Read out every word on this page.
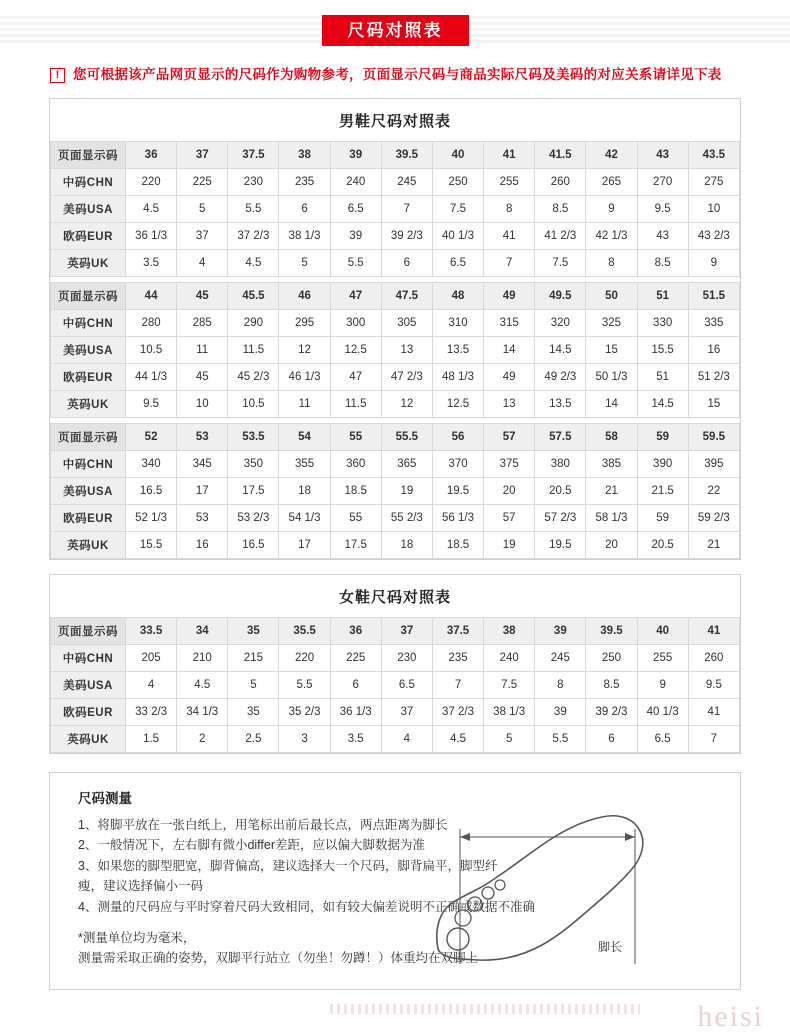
尺码对照表
!	您可根据该产品网页显示的尺码作为购物参考，页面显示尺码与商品实际尺码及美码的对应关系请详见下表
男鞋尺码对照表
页面显示码	36	37	37.5	38	39	39.5	40	41	41.5	42	43	43.5
中码CHN	220	225	230	235	240	245	250	255	260	265	270	275
美码USA	4.5	5	5.5	6	6.5	7	7.5	8	8.5	9	9.5	10
欧码EUR	36 1/3	37	37 2/3	38 1/3	39	39 2/3	40 1/3	41	41 2/3	42 1/3	43	43 2/3
英码UK	3.5	4	4.5	5	5.5	6	6.5	7	7.5	8	8.5	9

页面显示码	44	45	45.5	46	47	47.5	48	49	49.5	50	51	51.5
中码CHN	280	285	290	295	300	305	310	315	320	325	330	335
美码USA	10.5	11	11.5	12	12.5	13	13.5	14	14.5	15	15.5	16
欧码EUR	44 1/3	45	45 2/3	46 1/3	47	47 2/3	48 1/3	49	49 2/3	50 1/3	51	51 2/3
英码UK	9.5	10	10.5	11	11.5	12	12.5	13	13.5	14	14.5	15

页面显示码	52	53	53.5	54	55	55.5	56	57	57.5	58	59	59.5
中码CHN	340	345	350	355	360	365	370	375	380	385	390	395
美码USA	16.5	17	17.5	18	18.5	19	19.5	20	20.5	21	21.5	22
欧码EUR	52 1/3	53	53 2/3	54 1/3	55	55 2/3	56 1/3	57	57 2/3	58 1/3	59	59 2/3
英码UK	15.5	16	16.5	17	17.5	18	18.5	19	19.5	20	20.5	21
女鞋尺码对照表
页面显示码	33.5	34	35	35.5	36	37	37.5	38	39	39.5	40	41
中码CHN	205	210	215	220	225	230	235	240	245	250	255	260
美码USA	4	4.5	5	5.5	6	6.5	7	7.5	8	8.5	9	9.5
欧码EUR	33 2/3	34 1/3	35	35 2/3	36 1/3	37	37 2/3	38 1/3	39	39 2/3	40 1/3	41
英码UK	1.5	2	2.5	3	3.5	4	4.5	5	5.5	6	6.5	7
尺码测量
1、将脚平放在一张白纸上，用笔标出前后最长点，两点距离为脚长
2、一般情况下，左右脚有微小differ差距，应以偏大脚数据为准
3、如果您的脚型肥宽，脚背偏高，建议选择大一个尺码，脚背扁平，脚型纤瘦，建议选择偏小一码
4、测量的尺码应与平时穿着尺码大致相同，如有较大偏差说明不正确或数据不准确
*测量单位均为毫米，
测量需采取正确的姿势，双脚平行站立（勿坐！勿蹲！）体重均在双脚上
脚长
heisi
